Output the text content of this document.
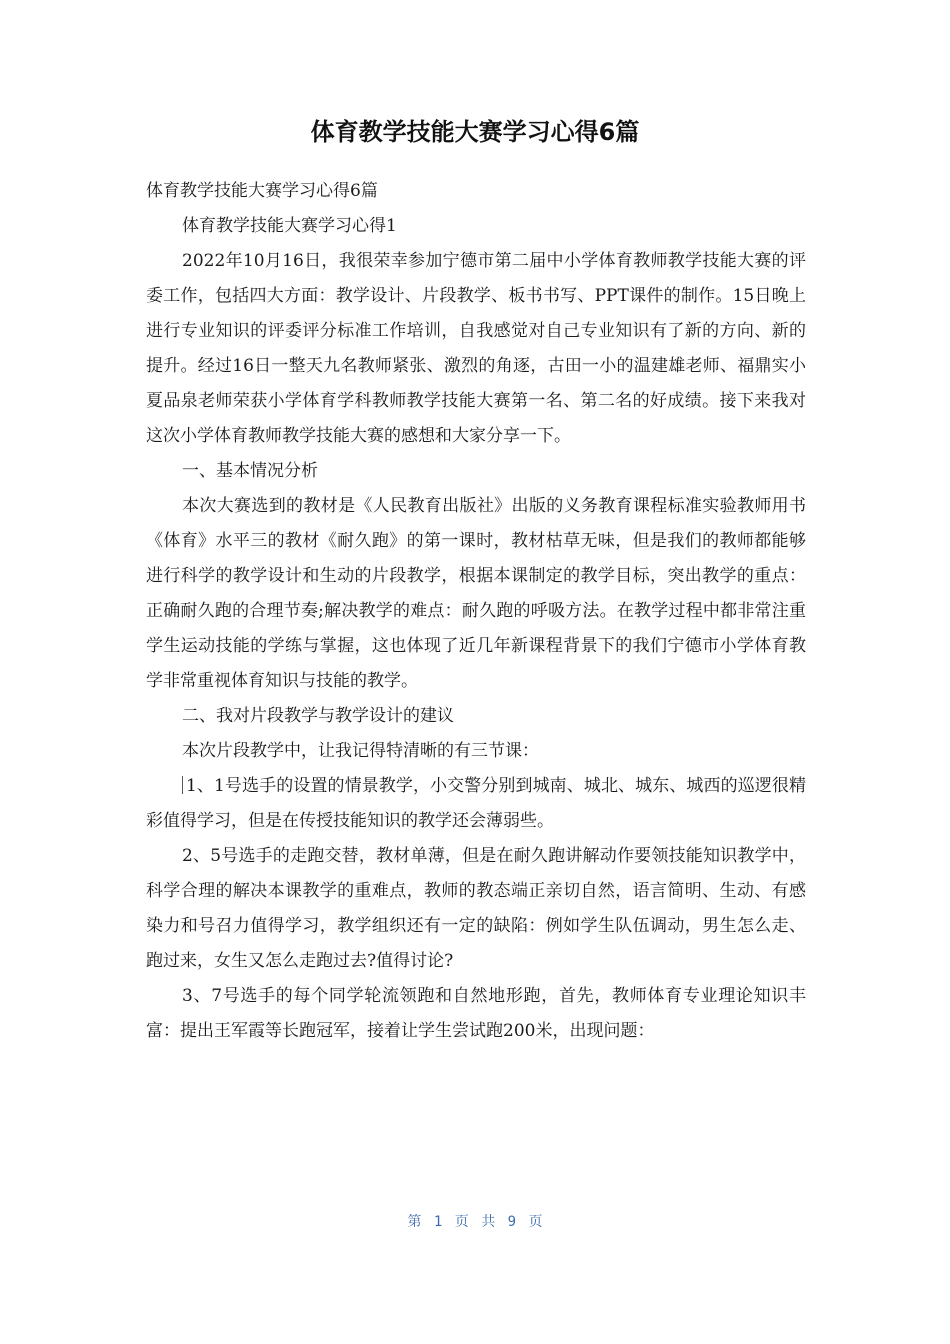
体育教学技能大赛学习心得6篇

体育教学技能大赛学习心得6篇

体育教学技能大赛学习心得1

2022年10月16日，我很荣幸参加宁德市第二届中小学体育教师教学技能大赛的评委工作，包括四大方面：教学设计、片段教学、板书书写、PPT课件的制作。15日晚上进行专业知识的评委评分标准工作培训，自我感觉对自己专业知识有了新的方向、新的提升。经过16日一整天九名教师紧张、激烈的角逐，古田一小的温建雄老师、福鼎实小夏品泉老师荣获小学体育学科教师教学技能大赛第一名、第二名的好成绩。接下来我对这次小学体育教师教学技能大赛的感想和大家分享一下。

一、基本情况分析

本次大赛选到的教材是《人民教育出版社》出版的义务教育课程标准实验教师用书《体育》水平三的教材《耐久跑》的第一课时，教材枯草无味，但是我们的教师都能够进行科学的教学设计和生动的片段教学，根据本课制定的教学目标，突出教学的重点：正确耐久跑的合理节奏;解决教学的难点：耐久跑的呼吸方法。在教学过程中都非常注重学生运动技能的学练与掌握，这也体现了近几年新课程背景下的我们宁德市小学体育教学非常重视体育知识与技能的教学。

二、我对片段教学与教学设计的建议

本次片段教学中，让我记得特清晰的有三节课：

1、1号选手的设置的情景教学，小交警分别到城南、城北、城东、城西的巡逻很精彩值得学习，但是在传授技能知识的教学还会薄弱些。

2、5号选手的走跑交替，教材单薄，但是在耐久跑讲解动作要领技能知识教学中，科学合理的解决本课教学的重难点，教师的教态端正亲切自然，语言简明、生动、有感染力和号召力值得学习，教学组织还有一定的缺陷：例如学生队伍调动，男生怎么走、跑过来，女生又怎么走跑过去?值得讨论?

3、7号选手的每个同学轮流领跑和自然地形跑，首先，教师体育专业理论知识丰富：提出王军霞等长跑冠军，接着让学生尝试跑200米，出现问题：

第 1 页 共 9 页
